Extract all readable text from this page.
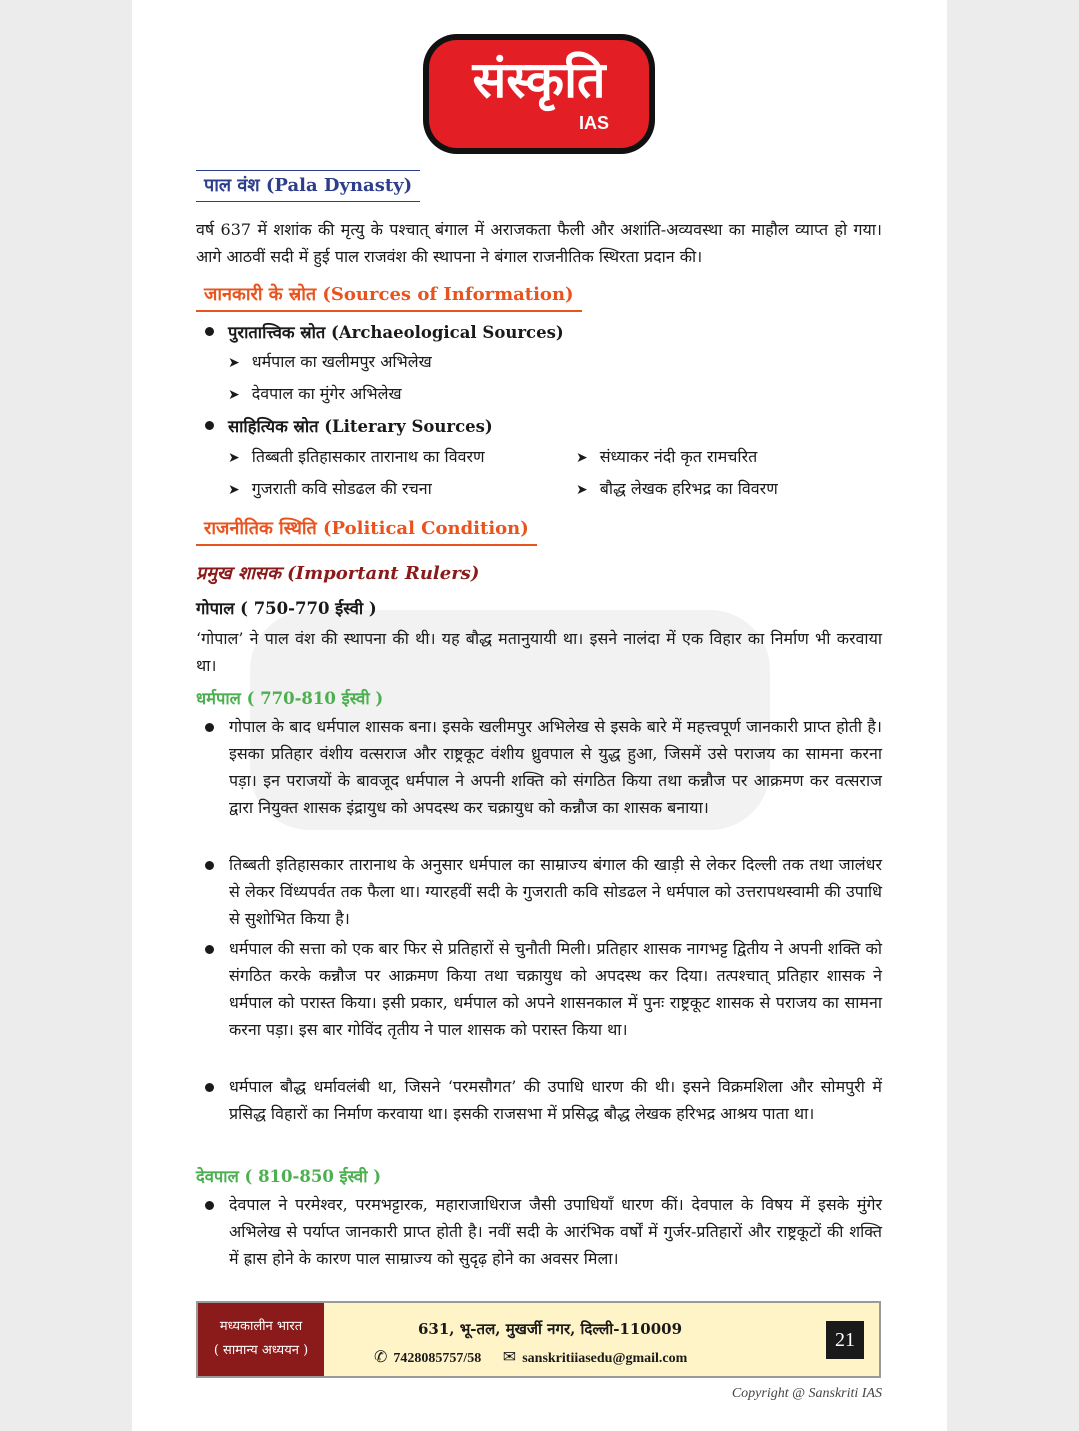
संस्कृति
IAS
पाल वंश (Pala Dynasty)
वर्ष 637 में शशांक की मृत्यु के पश्चात् बंगाल में अराजकता फैली और अशांति-अव्यवस्था का माहौल व्याप्त हो गया। आगे आठवीं सदी में हुई पाल राजवंश की स्थापना ने बंगाल राजनीतिक स्थिरता प्रदान की।
जानकारी के स्रोत (Sources of Information)
पुरातात्त्विक स्रोत (Archaeological Sources)
➤ धर्मपाल का खलीमपुर अभिलेख
➤ देवपाल का मुंगेर अभिलेख
साहित्यिक स्रोत (Literary Sources)
➤ तिब्बती इतिहासकार तारानाथ का विवरण	➤ संध्याकर नंदी कृत रामचरित
➤ गुजराती कवि सोडढल की रचना	➤ बौद्ध लेखक हरिभद्र का विवरण
राजनीतिक स्थिति (Political Condition)
प्रमुख शासक (Important Rulers)
गोपाल ( 750-770 ईस्वी )
‘गोपाल’ ने पाल वंश की स्थापना की थी। यह बौद्ध मतानुयायी था। इसने नालंदा में एक विहार का निर्माण भी करवाया था।
धर्मपाल ( 770-810 ईस्वी )
गोपाल के बाद धर्मपाल शासक बना। इसके खलीमपुर अभिलेख से इसके बारे में महत्त्वपूर्ण जानकारी प्राप्त होती है। इसका प्रतिहार वंशीय वत्सराज और राष्ट्रकूट वंशीय ध्रुवपाल से युद्ध हुआ, जिसमें उसे पराजय का सामना करना पड़ा। इन पराजयों के बावजूद धर्मपाल ने अपनी शक्ति को संगठित किया तथा कन्नौज पर आक्रमण कर वत्सराज द्वारा नियुक्त शासक इंद्रायुध को अपदस्थ कर चक्रायुध को कन्नौज का शासक बनाया।
तिब्बती इतिहासकार तारानाथ के अनुसार धर्मपाल का साम्राज्य बंगाल की खाड़ी से लेकर दिल्ली तक तथा जालंधर से लेकर विंध्यपर्वत तक फैला था। ग्यारहवीं सदी के गुजराती कवि सोडढल ने धर्मपाल को उत्तरापथस्वामी की उपाधि से सुशोभित किया है।
धर्मपाल की सत्ता को एक बार फिर से प्रतिहारों से चुनौती मिली। प्रतिहार शासक नागभट्ट द्वितीय ने अपनी शक्ति को संगठित करके कन्नौज पर आक्रमण किया तथा चक्रायुध को अपदस्थ कर दिया। तत्पश्चात् प्रतिहार शासक ने धर्मपाल को परास्त किया। इसी प्रकार, धर्मपाल को अपने शासनकाल में पुनः राष्ट्रकूट शासक से पराजय का सामना करना पड़ा। इस बार गोविंद तृतीय ने पाल शासक को परास्त किया था।
धर्मपाल बौद्ध धर्मावलंबी था, जिसने ‘परमसौगत’ की उपाधि धारण की थी। इसने विक्रमशिला और सोमपुरी में प्रसिद्ध विहारों का निर्माण करवाया था। इसकी राजसभा में प्रसिद्ध बौद्ध लेखक हरिभद्र आश्रय पाता था।
देवपाल ( 810-850 ईस्वी )
देवपाल ने परमेश्वर, परमभट्टारक, महाराजाधिराज जैसी उपाधियाँ धारण कीं। देवपाल के विषय में इसके मुंगेर अभिलेख से पर्याप्त जानकारी प्राप्त होती है। नवीं सदी के आरंभिक वर्षों में गुर्जर-प्रतिहारों और राष्ट्रकूटों की शक्ति में ह्रास होने के कारण पाल साम्राज्य को सुदृढ़ होने का अवसर मिला।
मध्यकालीन भारत
( सामान्य अध्ययन )
631, भू-तल, मुखर्जी नगर, दिल्ली-110009
✆ 7428085757/58 ✉ sanskritiiasedu@gmail.com
21
Copyright @ Sanskriti IAS
